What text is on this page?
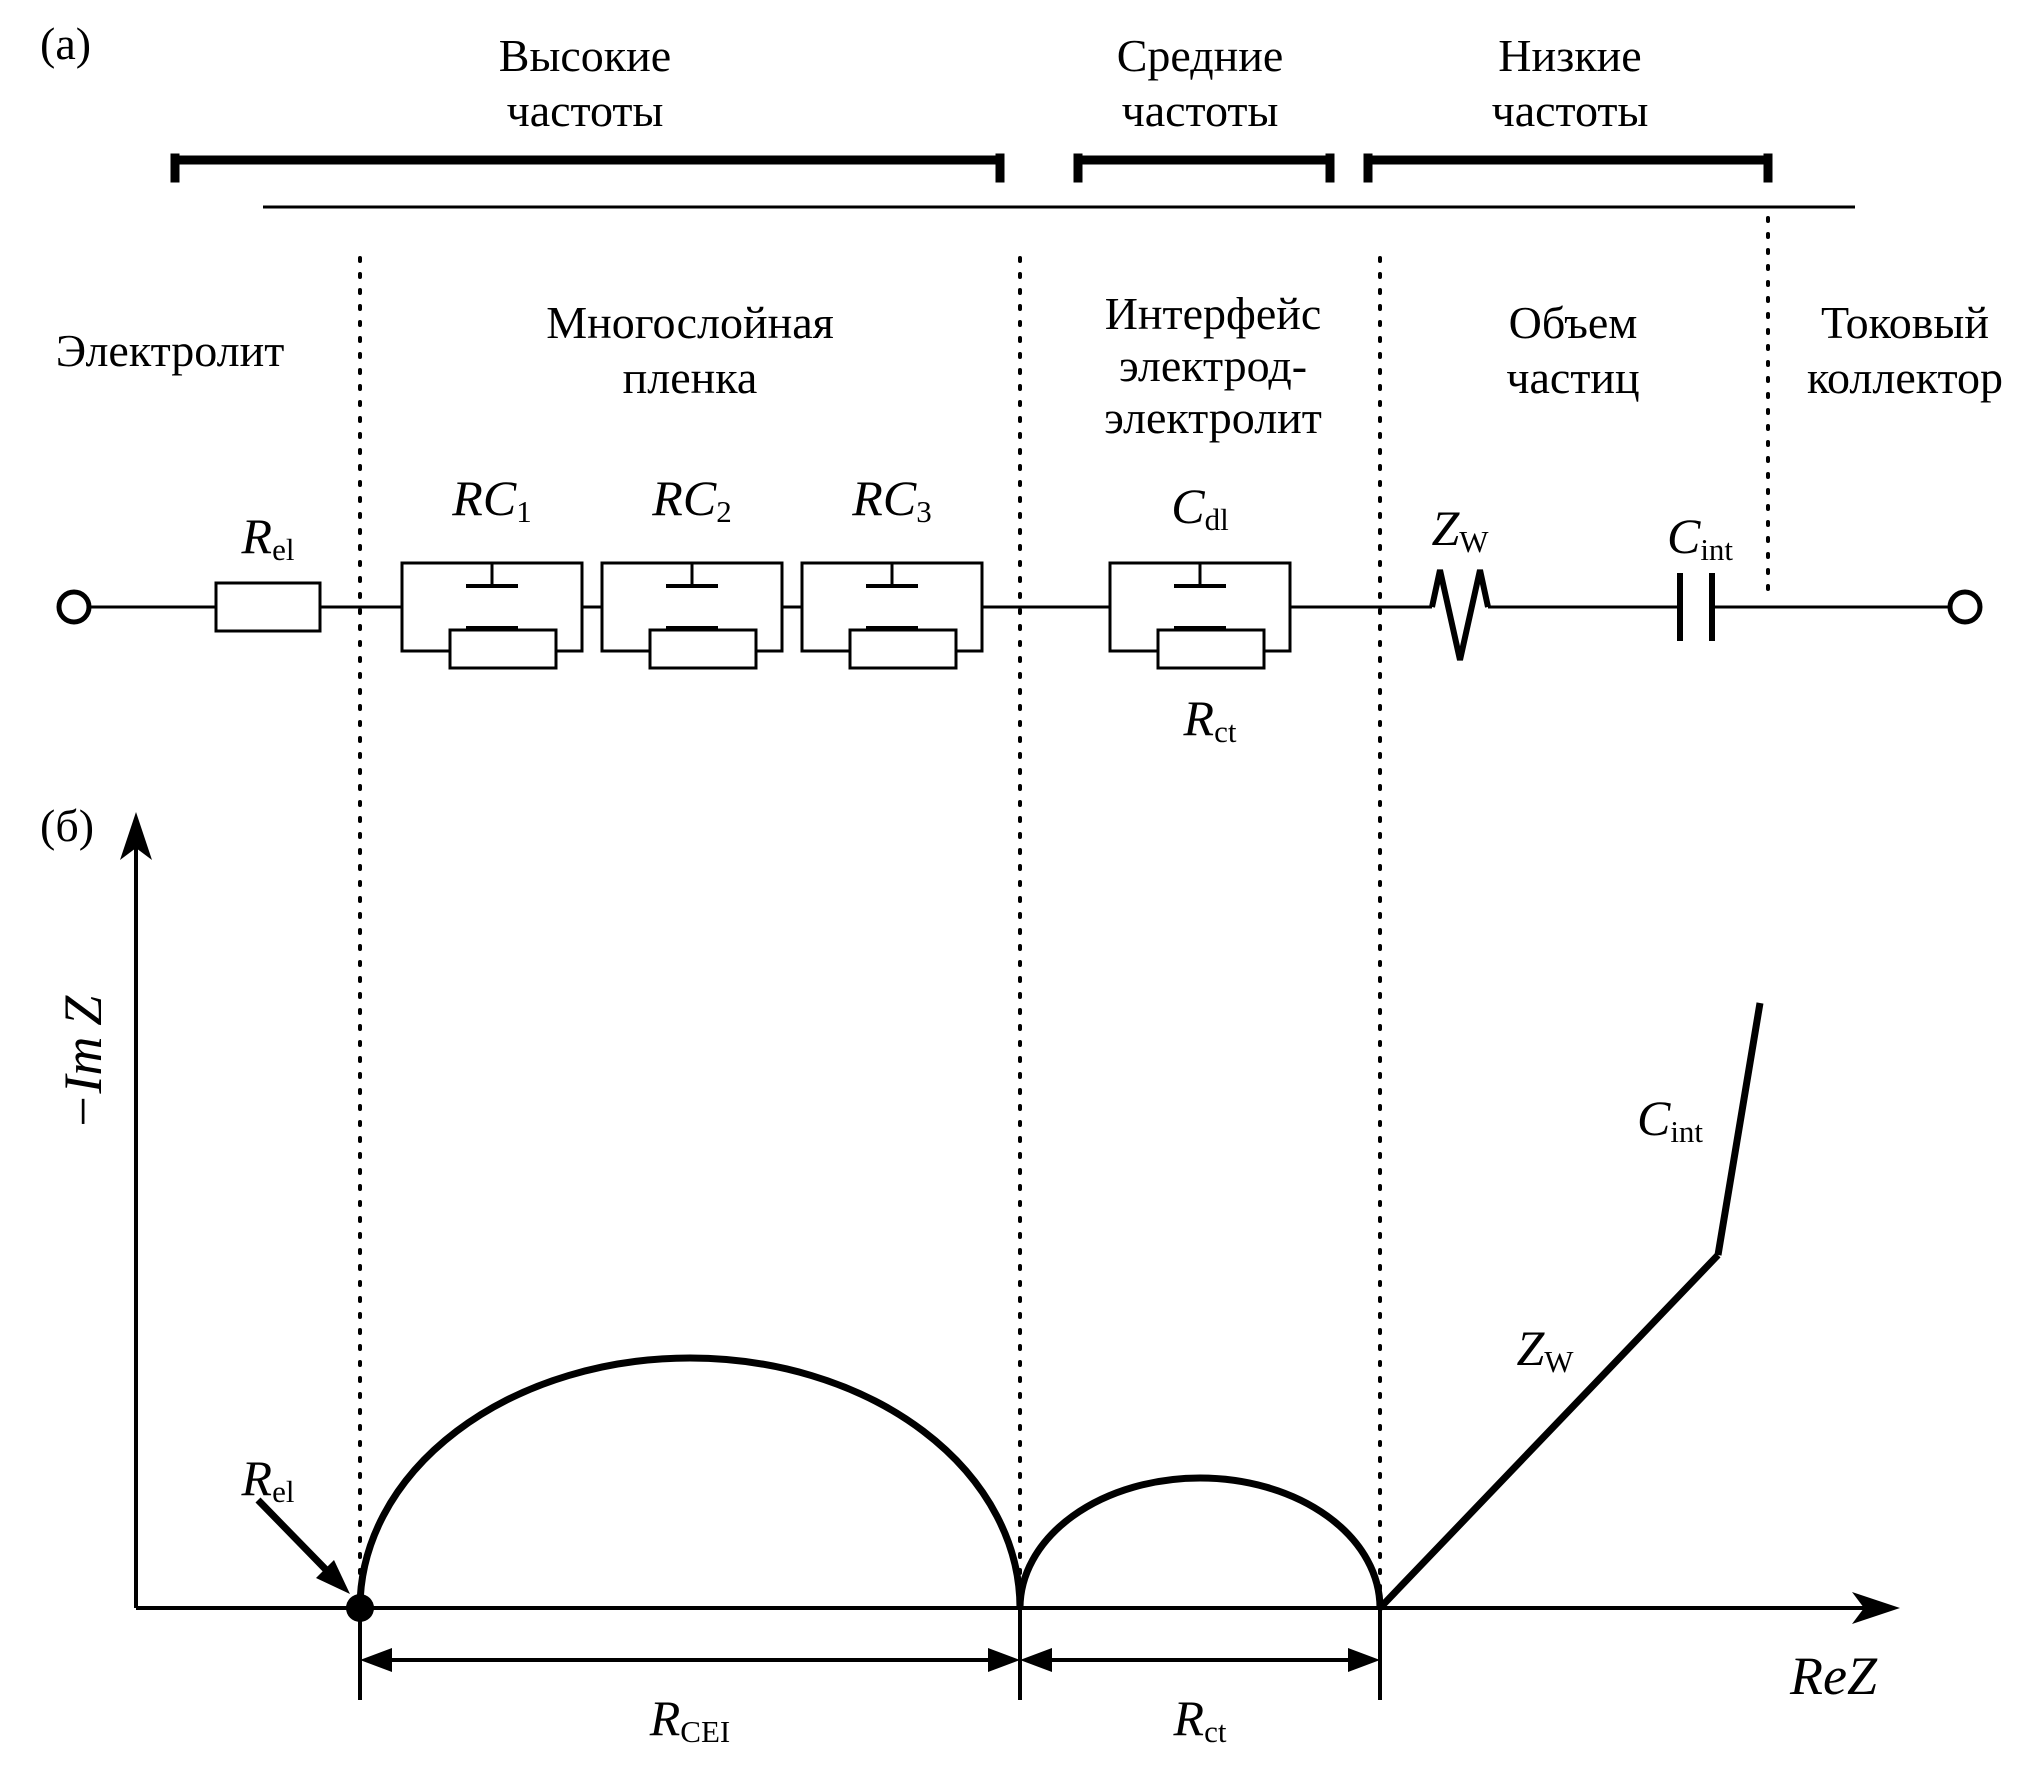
(а)
(б)
Высокие
частоты
Средние
частоты
Низкие
частоты
Электролит
Многослойная
пленка
Интерфейс
электрод-
электролит
Объем
частиц
Токовый
коллектор
$R_{el}$
$RC_1$ $RC_2$ $RC_3$	$C_{dl}$
$R_{ct}$
$Z_W$	$C_{int}$
−Im Z
ReZ
$R_{el}$
$Z_W$
$C_{int}$
$R_{CEI}$	$R_{ct}$
